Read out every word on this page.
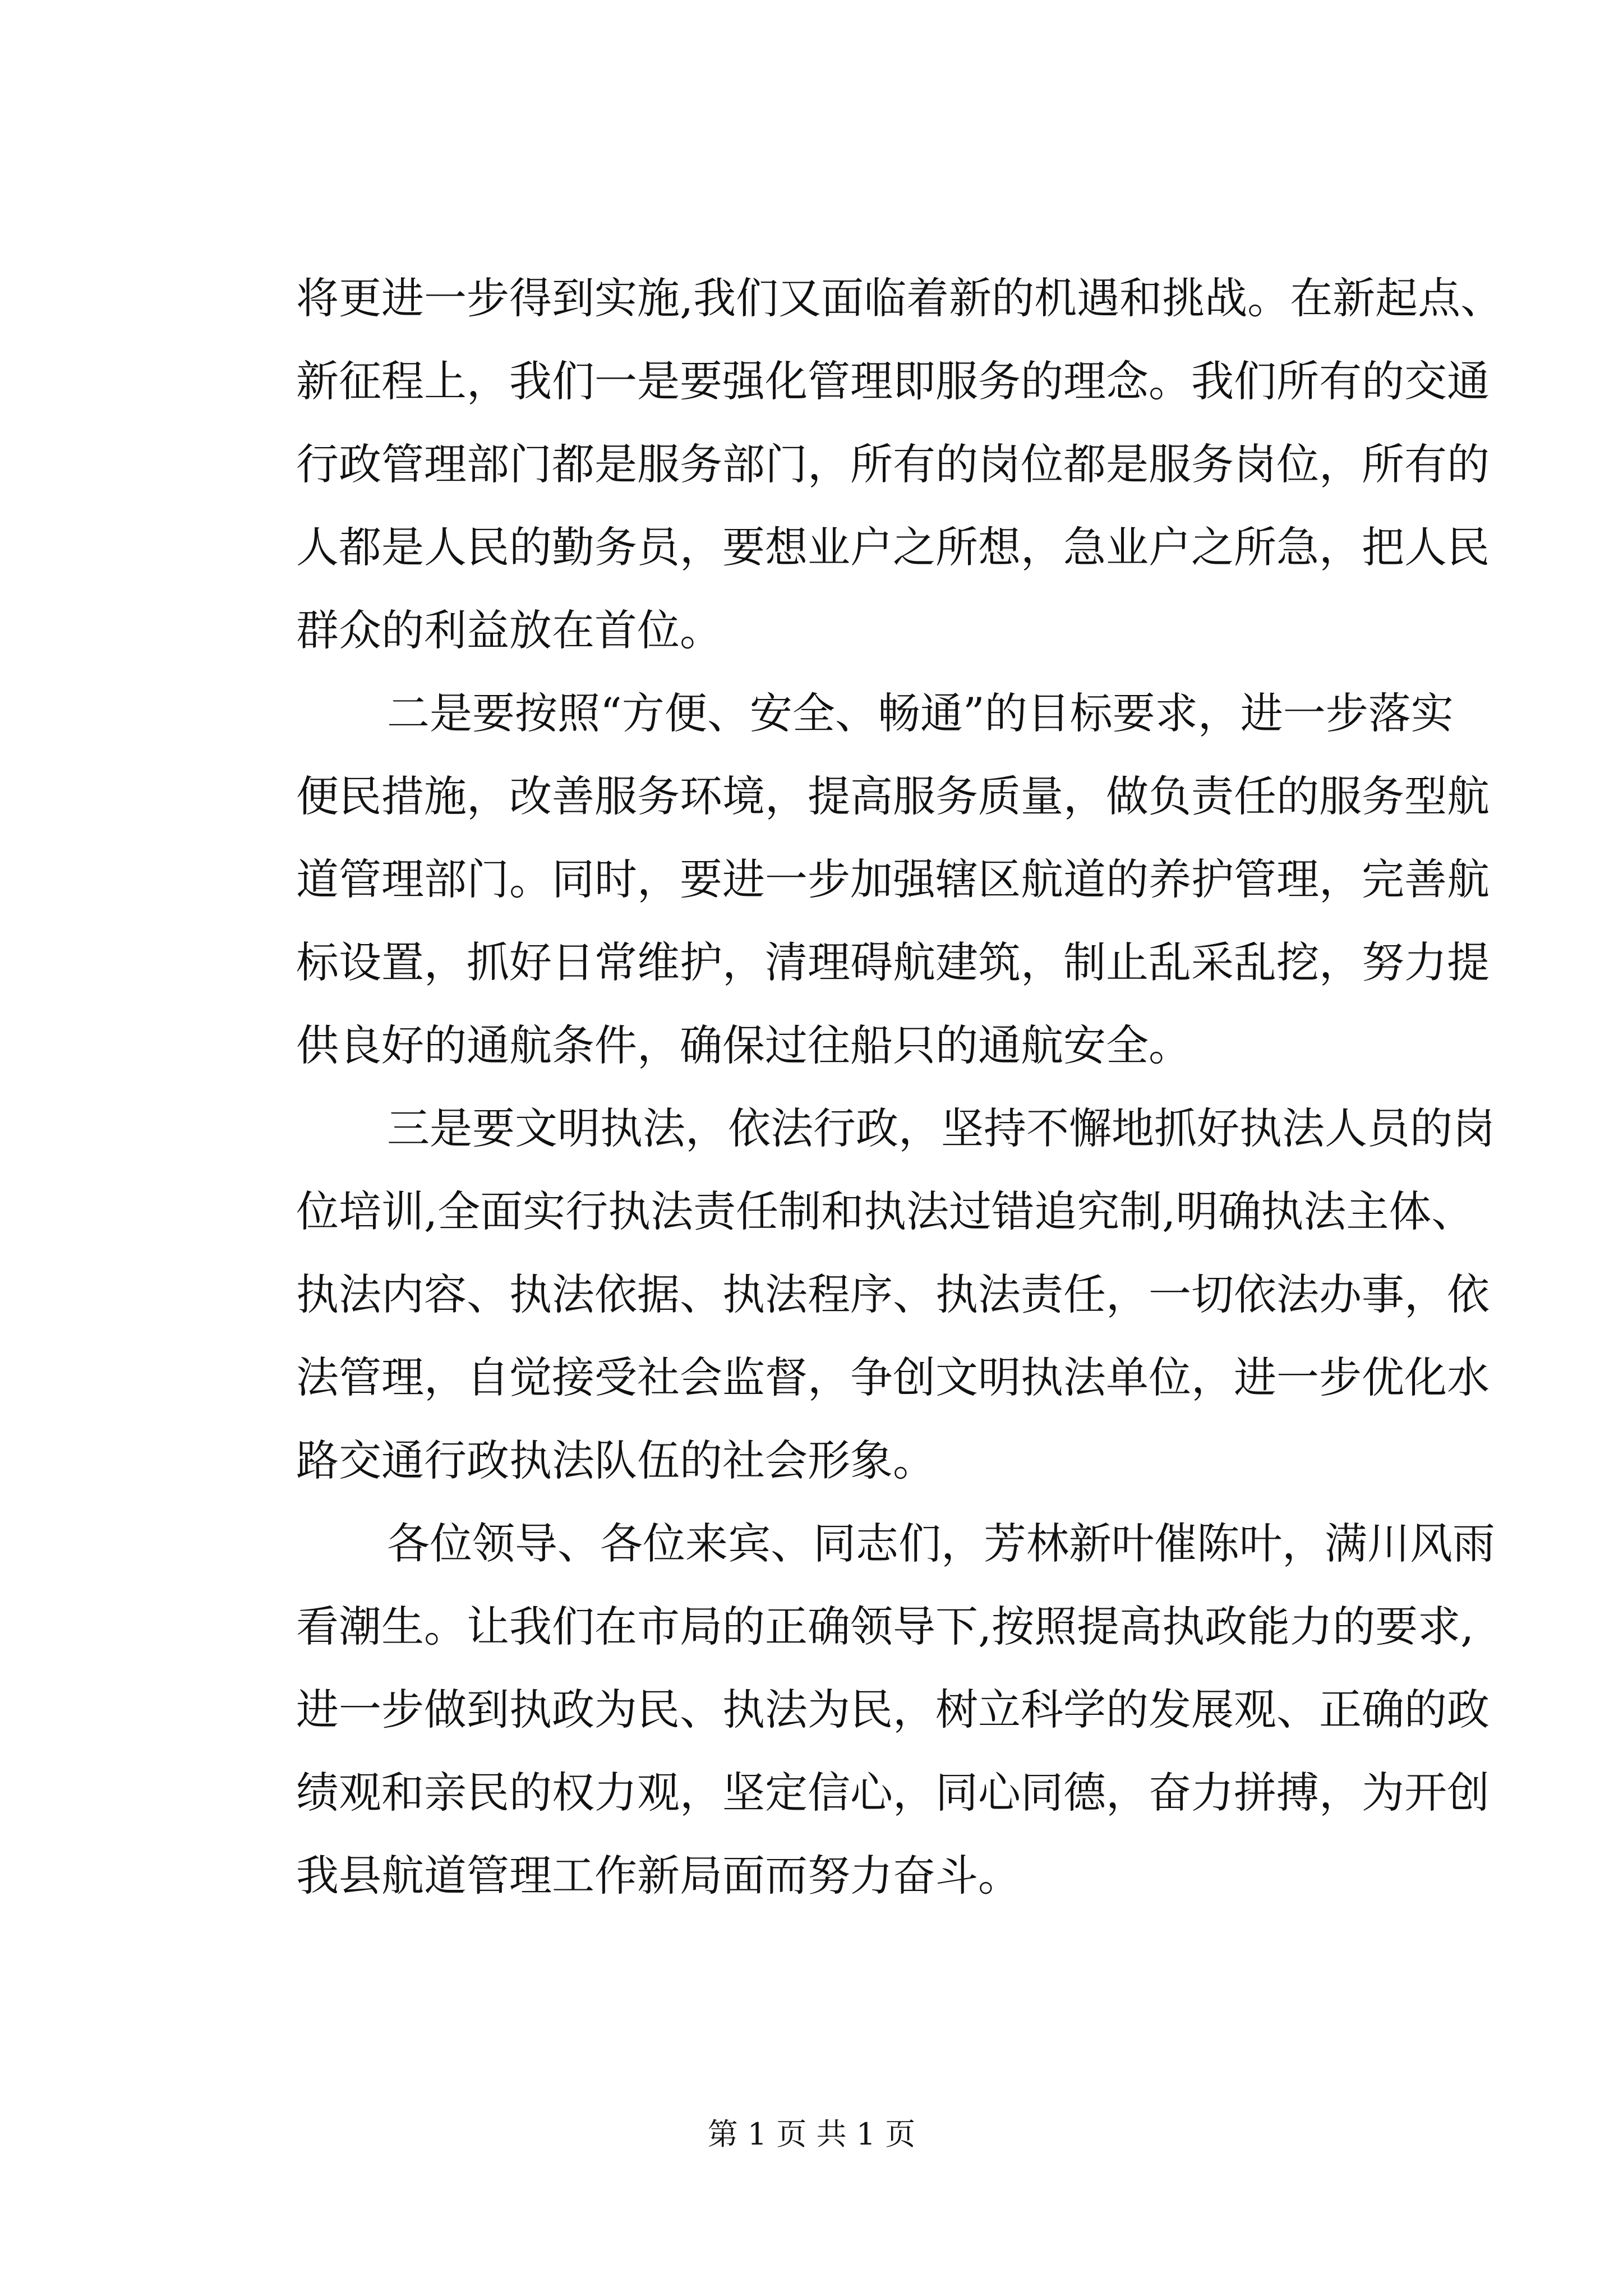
将更进一步得到实施,我们又面临着新的机遇和挑战。在新起点、
新征程上，我们一是要强化管理即服务的理念。我们所有的交通
行政管理部门都是服务部门，所有的岗位都是服务岗位，所有的
人都是人民的勤务员，要想业户之所想，急业户之所急，把人民
群众的利益放在首位。
二是要按照“方便、安全、畅通”的目标要求，进一步落实
便民措施，改善服务环境，提高服务质量，做负责任的服务型航
道管理部门。同时，要进一步加强辖区航道的养护管理，完善航
标设置，抓好日常维护，清理碍航建筑，制止乱采乱挖，努力提
供良好的通航条件，确保过往船只的通航安全。
三是要文明执法，依法行政，坚持不懈地抓好执法人员的岗
位培训,全面实行执法责任制和执法过错追究制,明确执法主体、
执法内容、执法依据、执法程序、执法责任，一切依法办事，依
法管理，自觉接受社会监督，争创文明执法单位，进一步优化水
路交通行政执法队伍的社会形象。
各位领导、各位来宾、同志们，芳林新叶催陈叶，满川风雨
看潮生。让我们在市局的正确领导下,按照提高执政能力的要求,
进一步做到执政为民、执法为民，树立科学的发展观、正确的政
绩观和亲民的权力观，坚定信心，同心同德，奋力拼搏，为开创
我县航道管理工作新局面而努力奋斗。
第 1 页 共 1 页
